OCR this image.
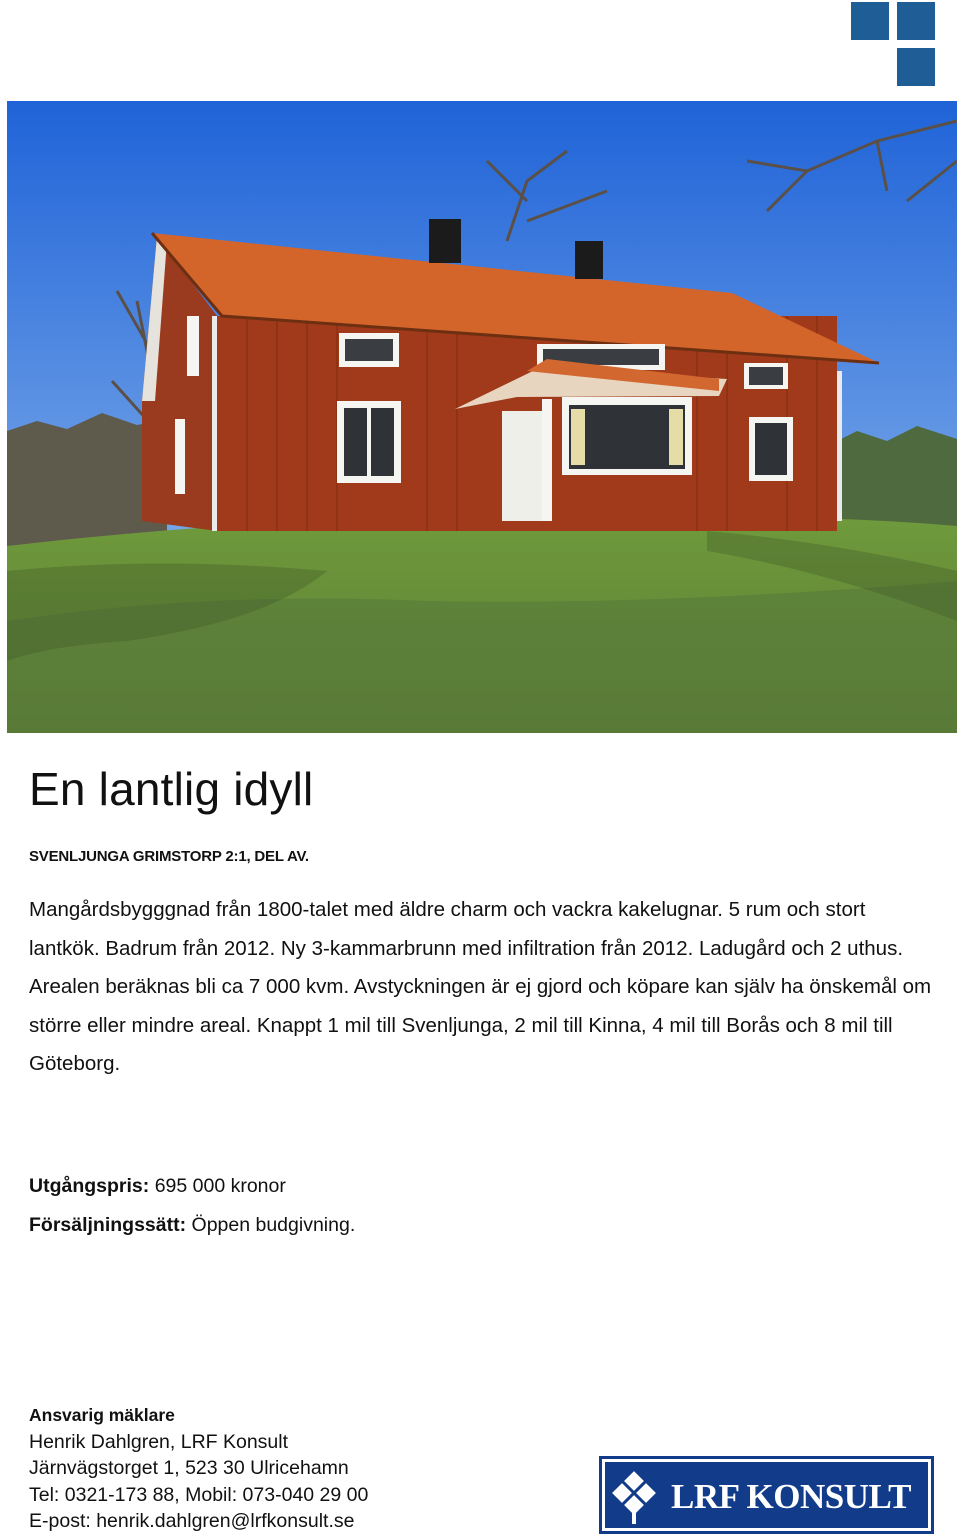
En lantlig idyll
SVENLJUNGA GRIMSTORP 2:1, DEL AV.

Mangårdsbygggnad från 1800-talet med äldre charm och vackra kakelugnar. 5 rum och stort lantkök. Badrum från 2012. Ny 3-kammarbrunn med infiltration från 2012. Ladugård och 2 uthus. Arealen beräknas bli ca 7 000 kvm. Avstyckningen är ej gjord och köpare kan själv ha önskemål om större eller mindre areal. Knappt 1 mil till Svenljunga, 2 mil till Kinna, 4 mil till Borås och 8 mil till Göteborg.

Utgångspris: 695 000 kronor
Försäljningssätt: Öppen budgivning.
Ansvarig mäklare
Henrik Dahlgren, LRF Konsult
Järnvägstorget 1, 523 30 Ulricehamn
Tel: 0321-173 88, Mobil: 073-040 29 00
E-post: henrik.dahlgren@lrfkonsult.se
LRF KONSULT
